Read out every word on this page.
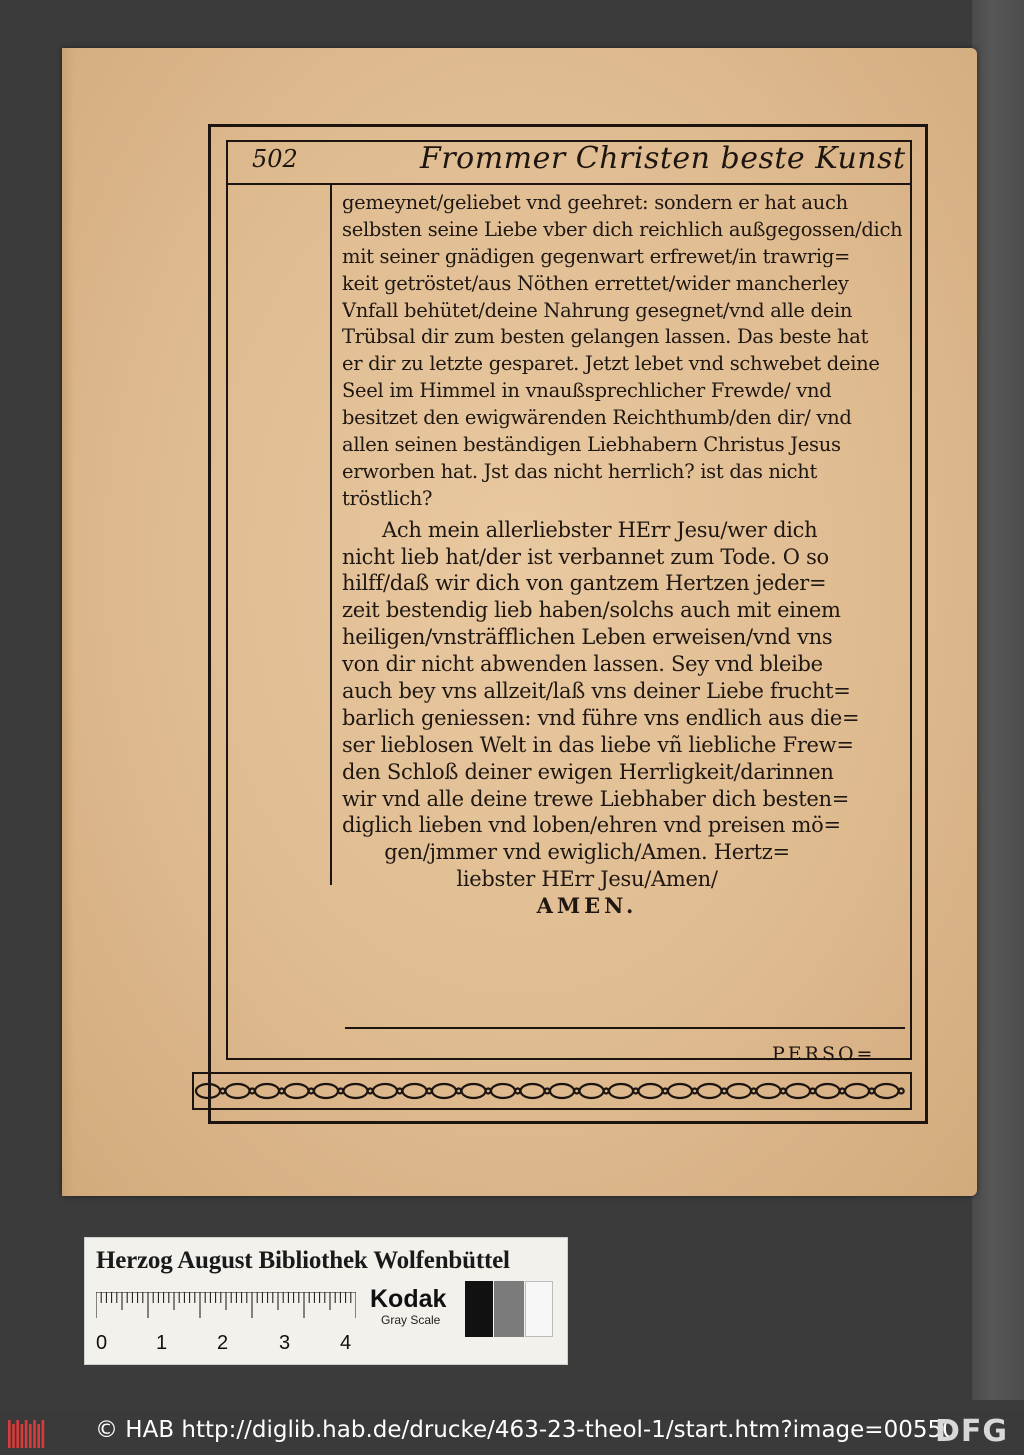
502	Frommer Christen beste Kunst
gemeynet/geliebet vnd geehret: sondern er hat auch
selbsten seine Liebe vber dich reichlich außgegossen/dich
mit seiner gnädigen gegenwart erfrewet/in trawrig=
keit getröstet/aus Nöthen errettet/wider mancherley
Vnfall behütet/deine Nahrung gesegnet/vnd alle dein
Trübsal dir zum besten gelangen lassen. Das beste hat
er dir zu letzte gesparet. Jetzt lebet vnd schwebet deine
Seel im Himmel in vnaußsprechlicher Frewde/ vnd
besitzet den ewigwärenden Reichthumb/den dir/ vnd
allen seinen beständigen Liebhabern Christus Jesus
erworben hat. Jst das nicht herrlich? ist das nicht
tröstlich?
Ach mein allerliebster HErr Jesu/wer dich
nicht lieb hat/der ist verbannet zum Tode. O so
hilff/daß wir dich von gantzem Hertzen jeder=
zeit bestendig lieb haben/solchs auch mit einem
heiligen/vnsträfflichen Leben erweisen/vnd vns
von dir nicht abwenden lassen. Sey vnd bleibe
auch bey vns allzeit/laß vns deiner Liebe frucht=
barlich geniessen: vnd führe vns endlich aus die=
ser lieblosen Welt in das liebe vñ liebliche Frew=
den Schloß deiner ewigen Herrligkeit/darinnen
wir vnd alle deine trewe Liebhaber dich besten=
diglich lieben vnd loben/ehren vnd preisen mö=
gen/jmmer vnd ewiglich/Amen. Hertz=
liebster HErr Jesu/Amen/
AMEN.
PERSO=
Herzog August Bibliothek Wolfenbüttel
0 1 2	3 4
Kodak
Gray Scale
© HAB http://diglib.hab.de/drucke/463-23-theol-1/start.htm?image=00550
DFG
